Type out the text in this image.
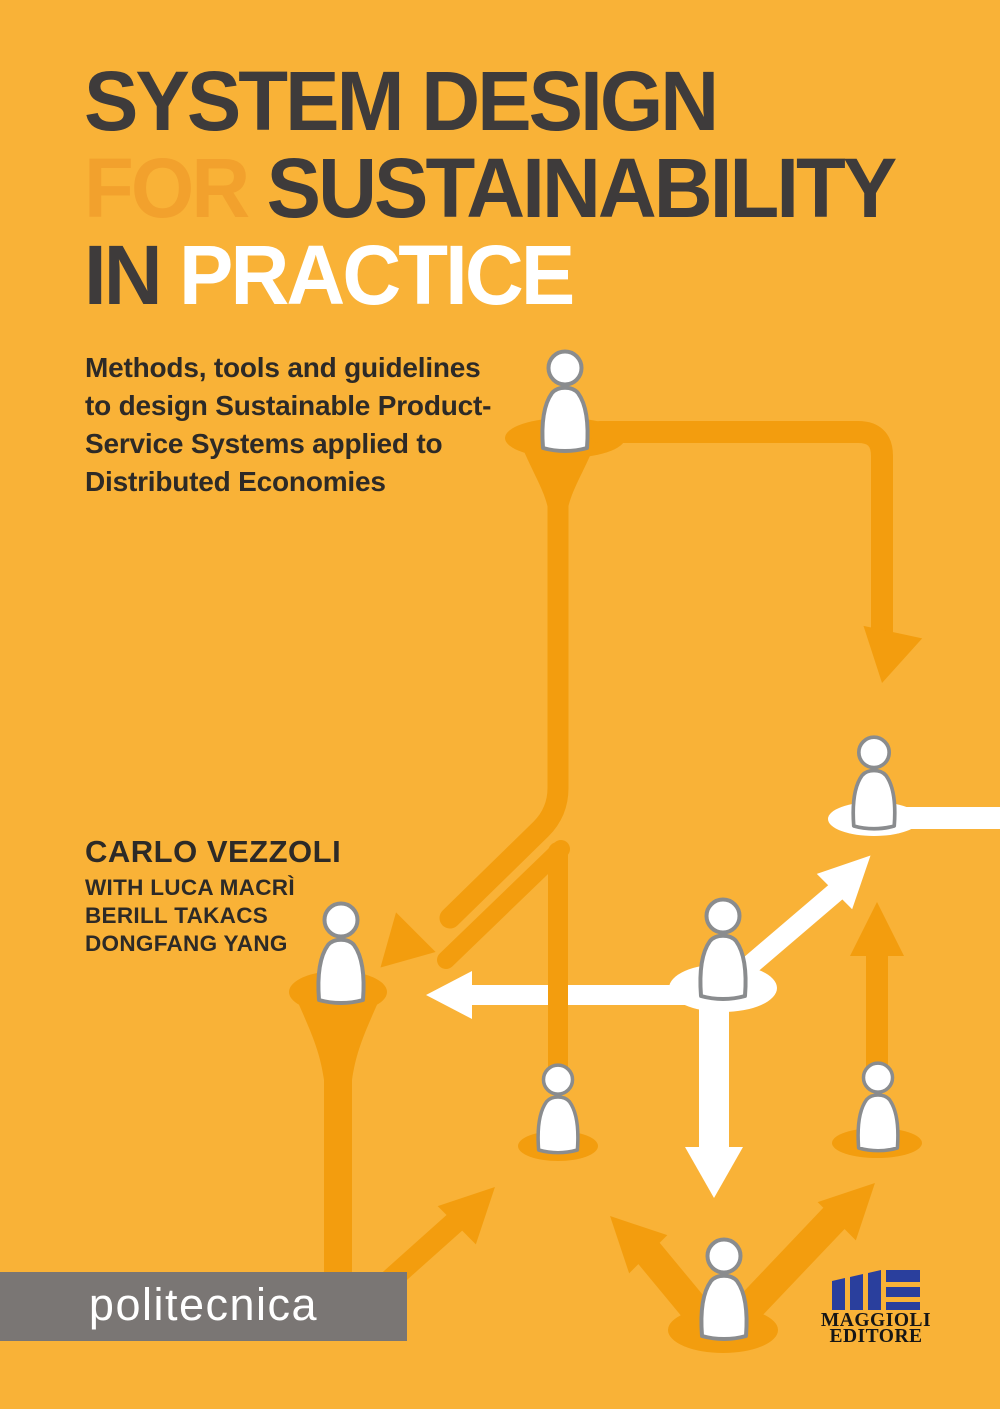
SYSTEM DESIGN
FOR SUSTAINABILITY
IN PRACTICE
Methods, tools and guidelines
to design Sustainable Product-
Service Systems applied to
Distributed Economies
CARLO VEZZOLI
WITH LUCA MACRÌ
BERILL TAKACS
DONGFANG YANG
politecnica	MAGGIOLI
EDITORE
